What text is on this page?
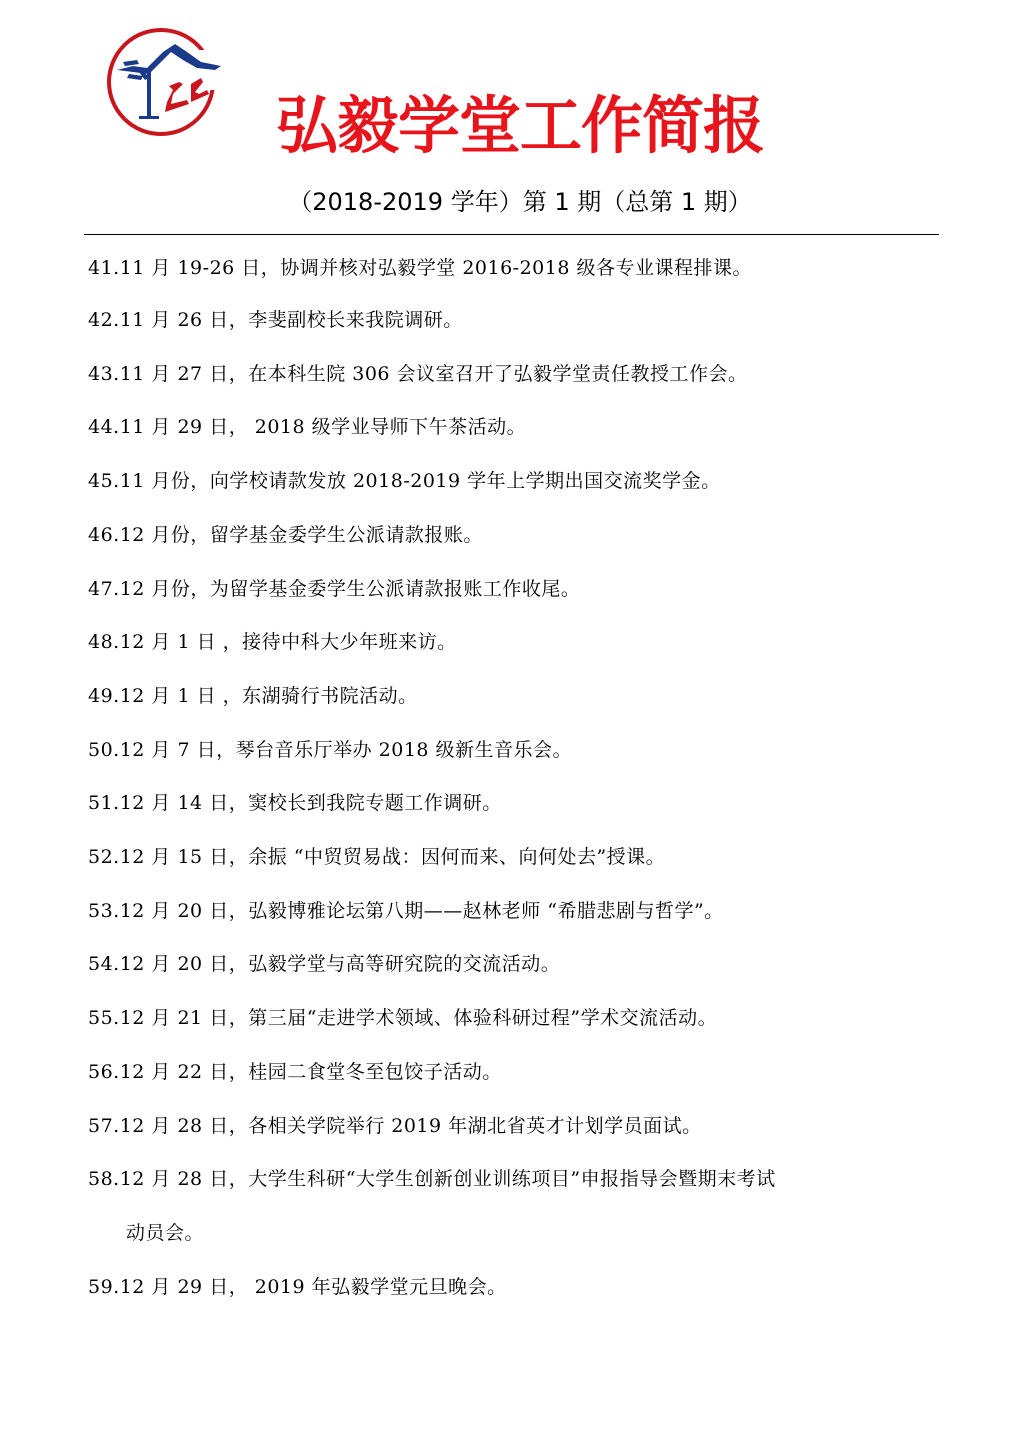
弘毅学堂工作简报
（2018-2019 学年）第 1 期（总第 1 期）
41.11 月 19-26 日，协调并核对弘毅学堂 2016-2018 级各专业课程排课。
42.11 月 26 日，李斐副校长来我院调研。
43.11 月 27 日，在本科生院 306 会议室召开了弘毅学堂责任教授工作会。
44.11 月 29 日， 2018 级学业导师下午茶活动。
45.11 月份，向学校请款发放 2018-2019 学年上学期出国交流奖学金。
46.12 月份，留学基金委学生公派请款报账。
47.12 月份，为留学基金委学生公派请款报账工作收尾。
48.12 月 1 日 ，接待中科大少年班来访。
49.12 月 1 日 ，东湖骑行书院活动。
50.12 月 7 日，琴台音乐厅举办 2018 级新生音乐会。
51.12 月 14 日，窦校长到我院专题工作调研。
52.12 月 15 日，余振 “中贸贸易战：因何而来、向何处去”授课。
53.12 月 20 日，弘毅博雅论坛第八期——赵林老师 “希腊悲剧与哲学”。
54.12 月 20 日，弘毅学堂与高等研究院的交流活动。
55.12 月 21 日，第三届“走进学术领域、体验科研过程”学术交流活动。
56.12 月 22 日，桂园二食堂冬至包饺子活动。
57.12 月 28 日，各相关学院举行 2019 年湖北省英才计划学员面试。
58.12 月 28 日，大学生科研“大学生创新创业训练项目”申报指导会暨期末考试
动员会。
59.12 月 29 日， 2019 年弘毅学堂元旦晚会。
